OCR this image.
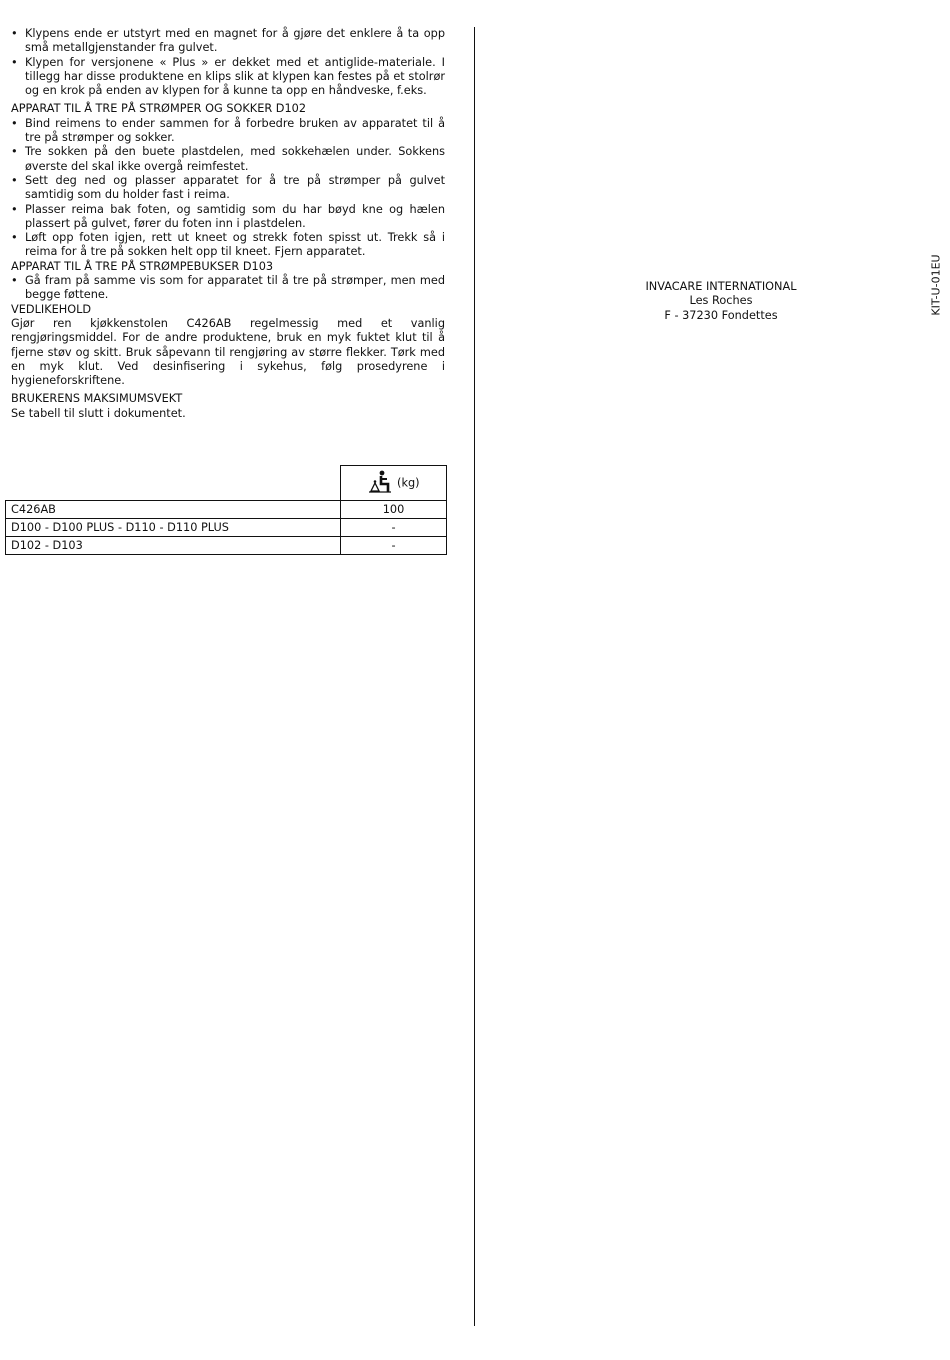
• Klypens ende er utstyrt med en magnet for å gjøre det enklere å ta opp små metallgjenstander fra gulvet.
• Klypen for versjonene « Plus » er dekket med et antiglide-materiale. I tillegg har disse produktene en klips slik at klypen kan festes på et stolrør og en krok på enden av klypen for å kunne ta opp en håndveske, f.eks.
APPARAT TIL Å TRE PÅ STRØMPER OG SOKKER D102
• Bind reimens to ender sammen for å forbedre bruken av apparatet til å tre på strømper og sokker.
• Tre sokken på den buete plastdelen, med sokkehælen under. Sokkens øverste del skal ikke overgå reimfestet.
• Sett deg ned og plasser apparatet for å tre på strømper på gulvet samtidig som du holder fast i reima.
• Plasser reima bak foten, og samtidig som du har bøyd kne og hælen plassert på gulvet, fører du foten inn i plastdelen.
• Løft opp foten igjen, rett ut kneet og strekk foten spisst ut. Trekk så i reima for å tre på sokken helt opp til kneet. Fjern apparatet.
APPARAT TIL Å TRE PÅ STRØMPEBUKSER D103
• Gå fram på samme vis som for apparatet til å tre på strømper, men med begge føttene.
VEDLIKEHOLD

Gjør ren kjøkkenstolen C426AB regelmessig med et vanlig rengjøringsmiddel. For de andre produktene, bruk en myk fuktet klut til å fjerne støv og skitt. Bruk såpevann til rengjøring av større flekker. Tørk med en myk klut. Ved desinfisering i sykehus, følg prosedyrene i hygieneforskriftene.

BRUKERENS MAKSIMUMSVEKT

Se tabell til slutt i dokumentet.

	(kg)
C426AB	100
D100 - D100 PLUS - D110 - D110 PLUS	-
D102 - D103	-
INVACARE INTERNATIONAL
Les Roches
F - 37230 Fondettes	KIT-U-01EU
